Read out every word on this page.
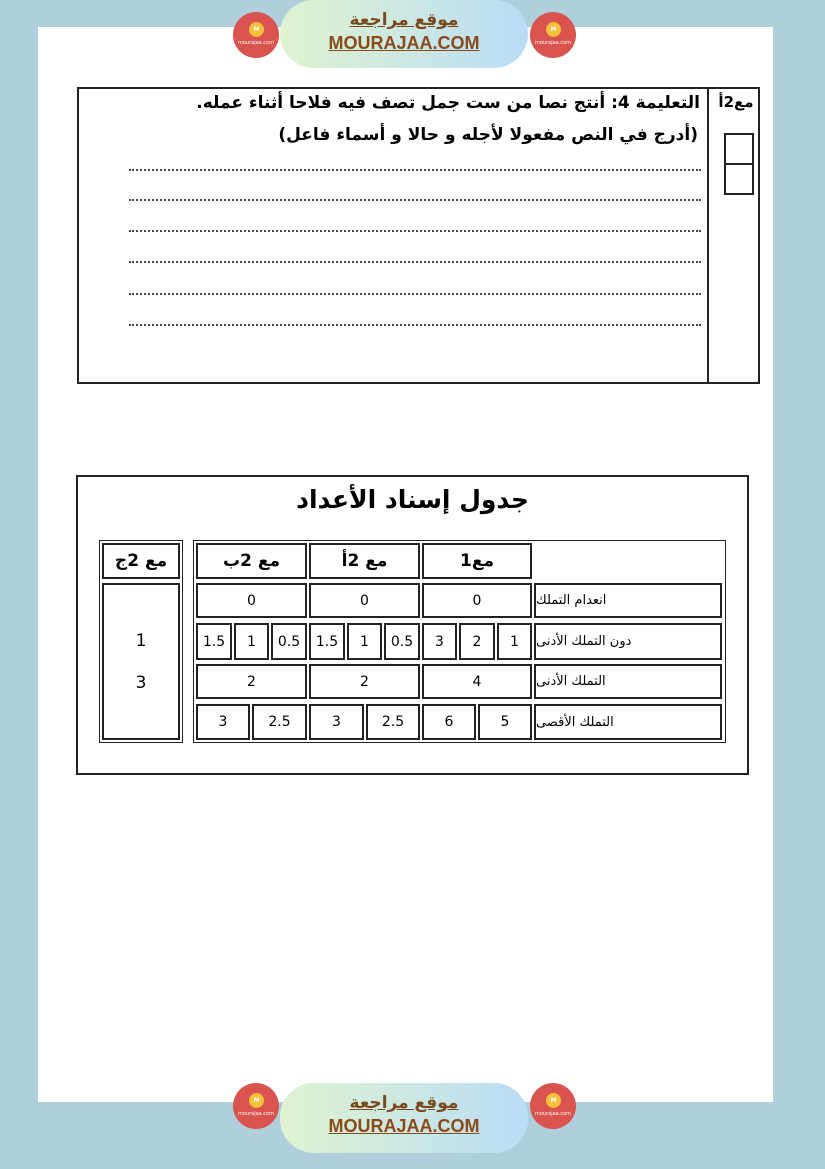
M
mourajaa.com
موقع مراجعة
MOURAJAA.COM
M
mourajaa.com
M
mourajaa.com
موقع مراجعة
MOURAJAA.COM
M
mourajaa.com
مع2أ
التعليمة 4: أنتج نصا من ست جمل تصف فيه فلاحا أثناء عمله.
(أدرج في النص مفعولا لأجله و حالا و أسماء فاعل)
جدول إسناد الأعداد
مع1
مع 2أ
مع 2ب
مع 2ج
1
3
انعدام التملك
0
0
0
دون التملك الأدنى
1
2
3
0.5
1
1.5
0.5
1
1.5
التملك الأدنى
4
2
2
التملك الأقصى
5
6
2.5
3
2.5
3
